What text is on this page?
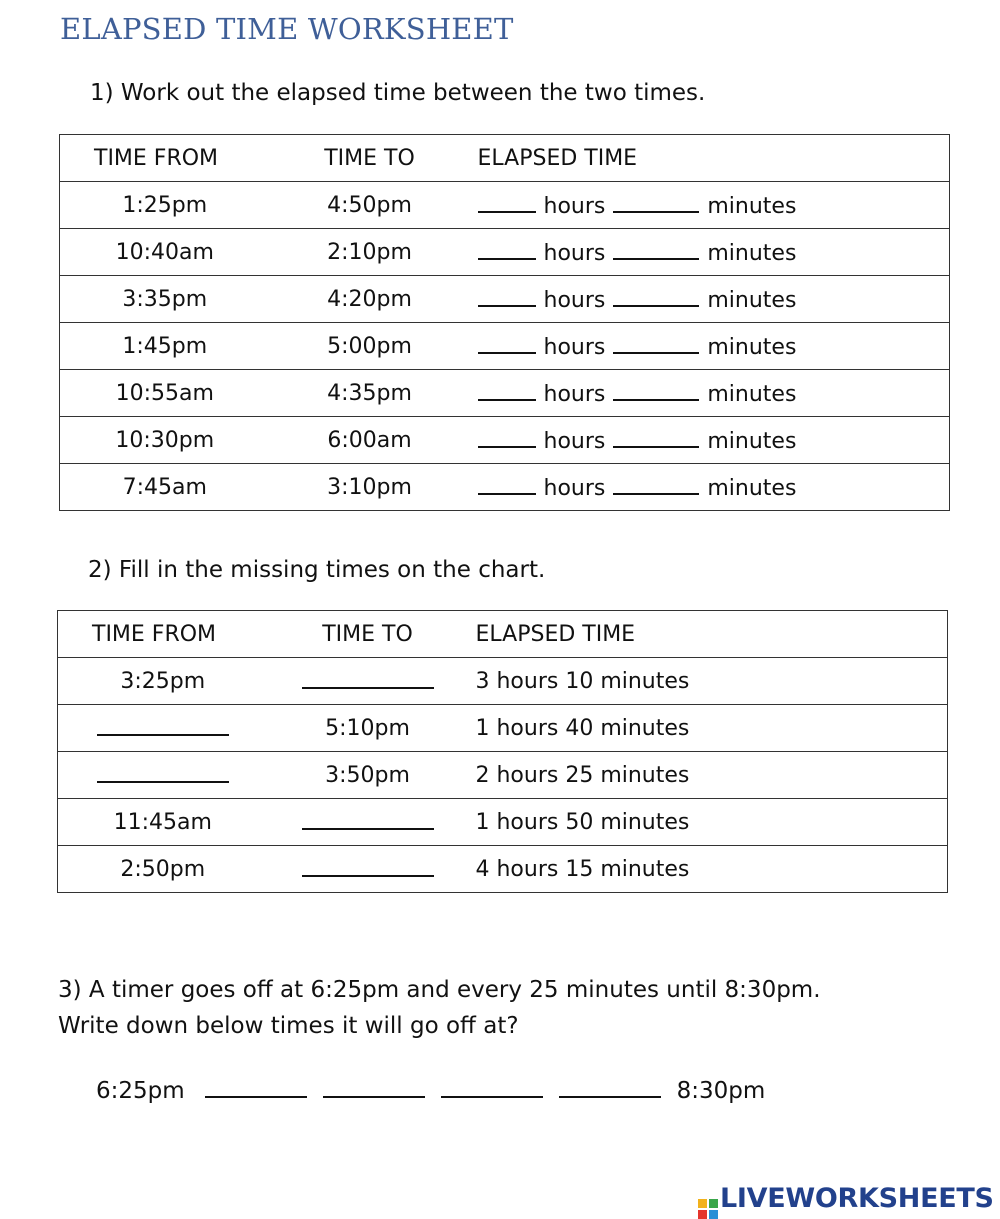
ELAPSED TIME WORKSHEET
1) Work out the elapsed time between the two times.
TIME FROM	TIME TO	ELAPSED TIME
1:25pm	4:50pm	hours minutes
10:40am	2:10pm	hours minutes
3:35pm	4:20pm	hours minutes
1:45pm	5:00pm	hours minutes
10:55am	4:35pm	hours minutes
10:30pm	6:00am	hours minutes
7:45am	3:10pm	hours minutes
2) Fill in the missing times on the chart.
TIME FROM	TIME TO	ELAPSED TIME
3:25pm		3 hours 10 minutes
	5:10pm	1 hours 40 minutes
	3:50pm	2 hours 25 minutes
11:45am		1 hours 50 minutes
2:50pm		4 hours 15 minutes
3) A timer goes off at 6:25pm and every 25 minutes until 8:30pm.
Write down below times it will go off at?
6:25pm	8:30pm
LIVEWORKSHEETS
